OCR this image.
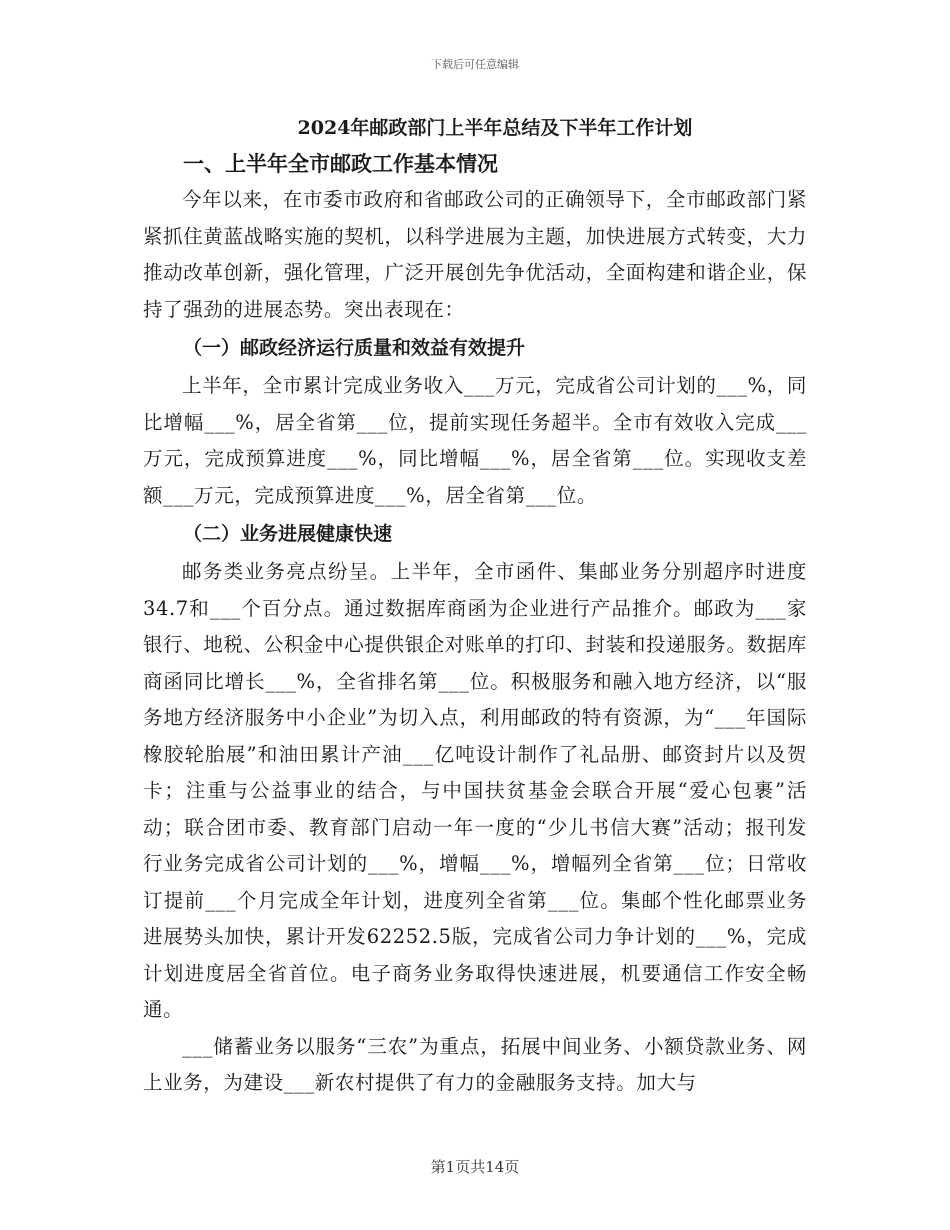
下载后可任意编辑
2024年邮政部门上半年总结及下半年工作计划
一、上半年全市邮政工作基本情况
今年以来，在市委市政府和省邮政公司的正确领导下，全市邮政部门紧紧抓住黄蓝战略实施的契机，以科学进展为主题，加快进展方式转变，大力推动改革创新，强化管理，广泛开展创先争优活动，全面构建和谐企业，保持了强劲的进展态势。突出表现在：
（一）邮政经济运行质量和效益有效提升
上半年，全市累计完成业务收入___万元，完成省公司计划的___%，同比增幅___%，居全省第___位，提前实现任务超半。全市有效收入完成___万元，完成预算进度___%，同比增幅___%，居全省第___位。实现收支差额___万元，完成预算进度___%，居全省第___位。
（二）业务进展健康快速
邮务类业务亮点纷呈。上半年，全市函件、集邮业务分别超序时进度34.7和___个百分点。通过数据库商函为企业进行产品推介。邮政为___家银行、地税、公积金中心提供银企对账单的打印、封装和投递服务。数据库商函同比增长___%，全省排名第___位。积极服务和融入地方经济，以“服务地方经济服务中小企业”为切入点，利用邮政的特有资源，为“___年国际橡胶轮胎展”和油田累计产油___亿吨设计制作了礼品册、邮资封片以及贺卡；注重与公益事业的结合，与中国扶贫基金会联合开展“爱心包裹”活动；联合团市委、教育部门启动一年一度的“少儿书信大赛”活动；报刊发行业务完成省公司计划的___%，增幅___%，增幅列全省第___位；日常收订提前___个月完成全年计划，进度列全省第___位。集邮个性化邮票业务进展势头加快，累计开发62252.5版，完成省公司力争计划的___%，完成计划进度居全省首位。电子商务业务取得快速进展，机要通信工作安全畅通。
___储蓄业务以服务“三农”为重点，拓展中间业务、小额贷款业务、网上业务，为建设___新农村提供了有力的金融服务支持。加大与
第1页共14页
